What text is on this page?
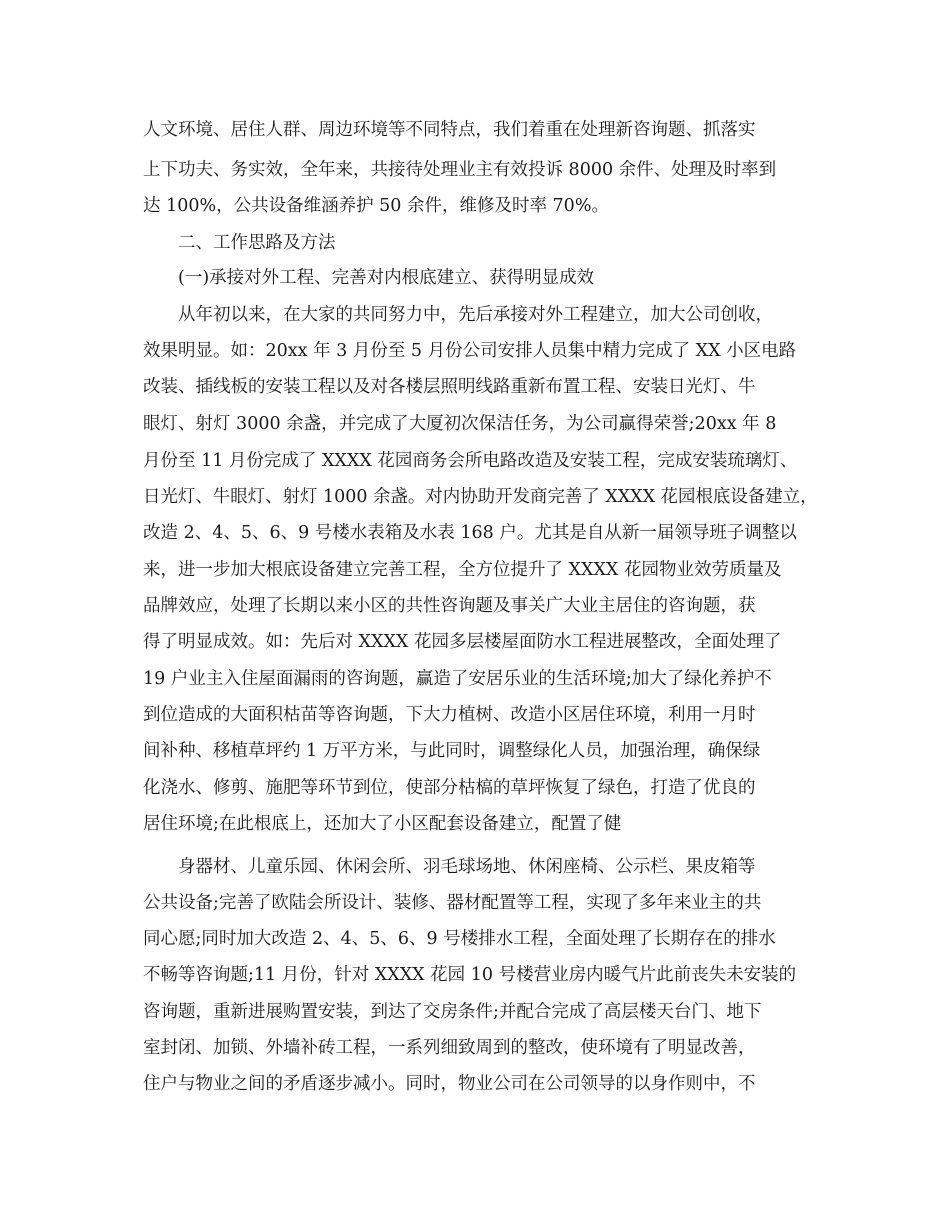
人文环境、居住人群、周边环境等不同特点，我们着重在处理新咨询题、抓落实
上下功夫、务实效，全年来，共接待处理业主有效投诉 8000 余件、处理及时率到
达 100%，公共设备维涵养护 50 余件，维修及时率 70%。
二、工作思路及方法
(一)承接对外工程、完善对内根底建立、获得明显成效
从年初以来，在大家的共同努力中，先后承接对外工程建立，加大公司创收，
效果明显。如：20xx 年 3 月份至 5 月份公司安排人员集中精力完成了 XX 小区电路
改装、插线板的安装工程以及对各楼层照明线路重新布置工程、安装日光灯、牛
眼灯、射灯 3000 余盏，并完成了大厦初次保洁任务，为公司赢得荣誉;20xx 年 8
月份至 11 月份完成了 XXXX 花园商务会所电路改造及安装工程，完成安装琉璃灯、
日光灯、牛眼灯、射灯 1000 余盏。对内协助开发商完善了 XXXX 花园根底设备建立，
改造 2、4、5、6、9 号楼水表箱及水表 168 户。尤其是自从新一届领导班子调整以
来，进一步加大根底设备建立完善工程，全方位提升了 XXXX 花园物业效劳质量及
品牌效应，处理了长期以来小区的共性咨询题及事关广大业主居住的咨询题，获
得了明显成效。如：先后对 XXXX 花园多层楼屋面防水工程进展整改，全面处理了
19 户业主入住屋面漏雨的咨询题，赢造了安居乐业的生活环境;加大了绿化养护不
到位造成的大面积枯苗等咨询题，下大力植树、改造小区居住环境，利用一月时
间补种、移植草坪约 1 万平方米，与此同时，调整绿化人员，加强治理，确保绿
化浇水、修剪、施肥等环节到位，使部分枯槁的草坪恢复了绿色，打造了优良的
居住环境;在此根底上，还加大了小区配套设备建立，配置了健
身器材、儿童乐园、休闲会所、羽毛球场地、休闲座椅、公示栏、果皮箱等
公共设备;完善了欧陆会所设计、装修、器材配置等工程，实现了多年来业主的共
同心愿;同时加大改造 2、4、5、6、9 号楼排水工程，全面处理了长期存在的排水
不畅等咨询题;11 月份，针对 XXXX 花园 10 号楼营业房内暖气片此前丧失未安装的
咨询题，重新进展购置安装，到达了交房条件;并配合完成了高层楼天台门、地下
室封闭、加锁、外墙补砖工程，一系列细致周到的整改，使环境有了明显改善，
住户与物业之间的矛盾逐步减小。同时，物业公司在公司领导的以身作则中，不
